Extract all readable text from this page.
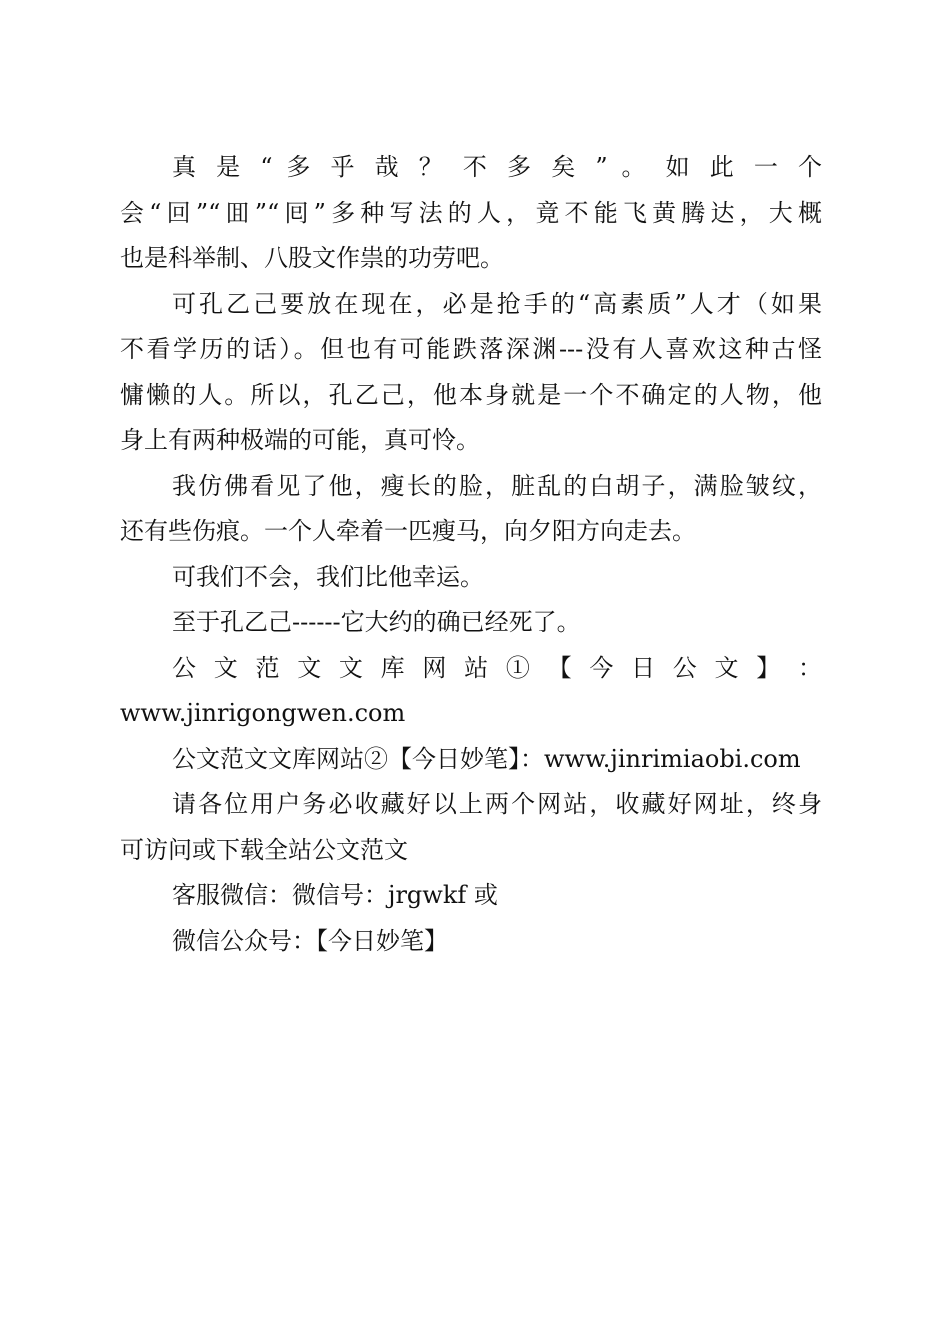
真 是 “ 多 乎 哉 ？ 不 多 矣 ” 。 如 此 一 个
会“回”“囬”“囘”多种写法的人，竟不能飞黄腾达，大概
也是科举制、八股文作祟的功劳吧。
可孔乙己要放在现在，必是抢手的“高素质”人才（如果
不看学历的话）。但也有可能跌落深渊---没有人喜欢这种古怪
慵懒的人。所以，孔乙己，他本身就是一个不确定的人物，他
身上有两种极端的可能，真可怜。
我仿佛看见了他，瘦长的脸，脏乱的白胡子，满脸皱纹，
还有些伤痕。一个人牵着一匹瘦马，向夕阳方向走去。
可我们不会，我们比他幸运。
至于孔乙己------它大约的确已经死了。
公 文 范 文 文 库 网 站 ① 【 今 日 公 文 】 ：
www.jinrigongwen.com
公文范文文库网站②【今日妙笔】：www.jinrimiaobi.com
请各位用户务必收藏好以上两个网站，收藏好网址，终身
可访问或下载全站公文范文
客服微信：微信号：jrgwkf 或
微信公众号：【今日妙笔】
